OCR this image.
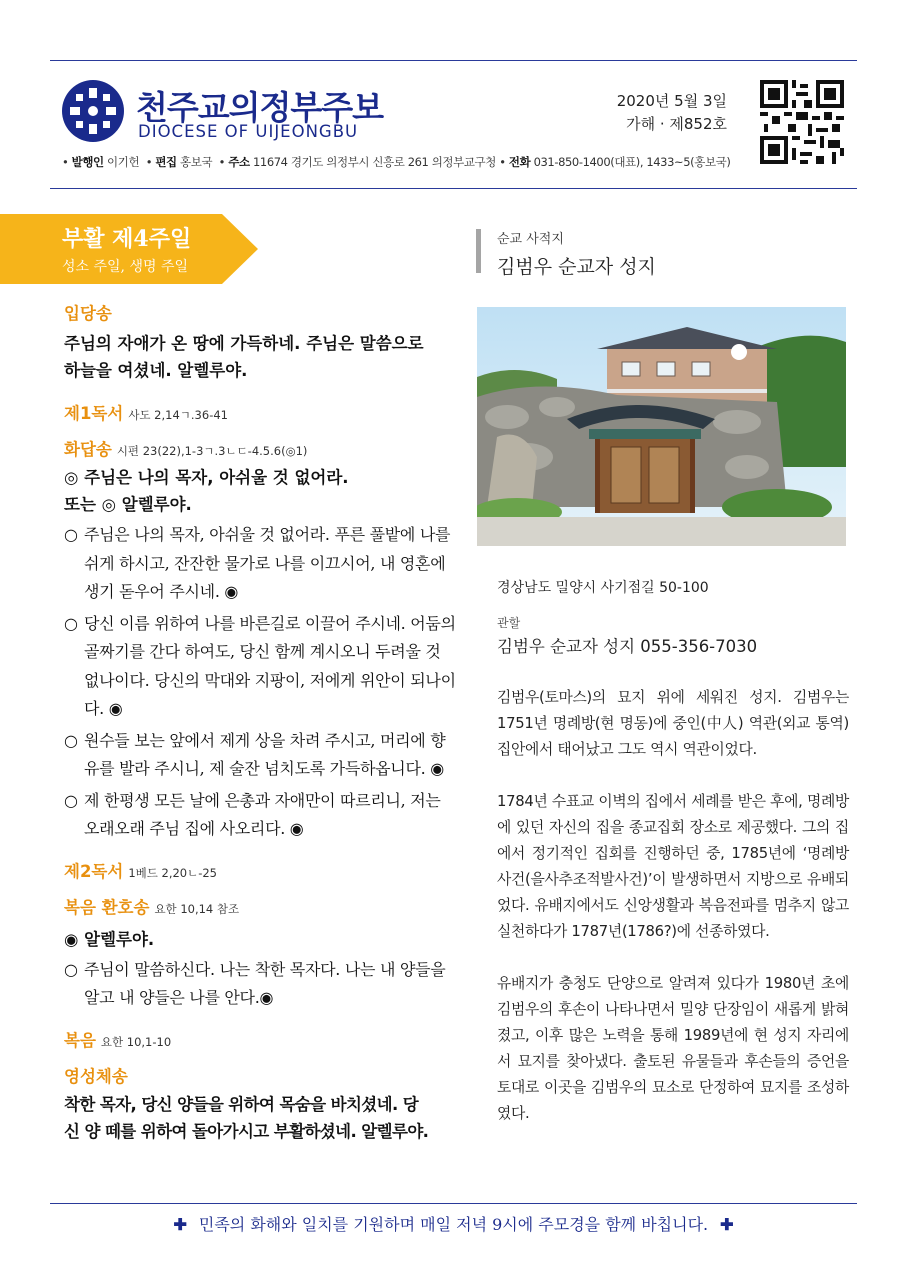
천주교의정부주보
DIOCESE OF UIJEONGBU
2020년 5월 3일
가해 · 제852호
• 발행인 이기헌  • 편집 홍보국  • 주소 11674 경기도 의정부시 신흥로 261 의정부교구청 • 전화 031-850-1400(대표), 1433~5(홍보국)
부활 제4주일
성소 주일, 생명 주일
입당송
주님의 자애가 온 땅에 가득하네. 주님은 말씀으로
하늘을 여셨네. 알렐루야.
제1독서 사도 2,14ㄱ.36-41
화답송 시편 23(22),1-3ㄱ.3ㄴㄷ-4.5.6(◎1)
◎ 주님은 나의 목자, 아쉬울 것 없어라.
또는 ◎ 알렐루야.
○ 주님은 나의 목자, 아쉬울 것 없어라. 푸른 풀밭에 나를 쉬게 하시고, 잔잔한 물가로 나를 이끄시어, 내 영혼에 생기 돋우어 주시네. ◉
○ 당신 이름 위하여 나를 바른길로 이끌어 주시네. 어둠의 골짜기를 간다 하여도, 당신 함께 계시오니 두려울 것 없나이다. 당신의 막대와 지팡이, 저에게 위안이 되나이다. ◉
○ 원수들 보는 앞에서 제게 상을 차려 주시고, 머리에 향유를 발라 주시니, 제 술잔 넘치도록 가득하옵니다. ◉
○ 제 한평생 모든 날에 은총과 자애만이 따르리니, 저는 오래오래 주님 집에 사오리다. ◉
제2독서 1베드 2,20ㄴ-25
복음 환호송 요한 10,14 참조
◉ 알렐루야.
○ 주님이 말씀하신다. 나는 착한 목자다. 나는 내 양들을 알고 내 양들은 나를 안다.◉
복음 요한 10,1-10
영성체송
착한 목자, 당신 양들을 위하여 목숨을 바치셨네. 당
신 양 떼를 위하여 돌아가시고 부활하셨네. 알렐루야.
순교 사적지
김범우 순교자 성지
경상남도 밀양시 사기점길 50-100
관할
김범우 순교자 성지 055-356-7030
김범우(토마스)의 묘지 위에 세워진 성지. 김범우는 1751년 명례방(현 명동)에 중인(中人) 역관(외교 통역) 집안에서 태어났고 그도 역시 역관이었다.
1784년 수표교 이벽의 집에서 세례를 받은 후에, 명례방에 있던 자신의 집을 종교집회 장소로 제공했다. 그의 집에서 정기적인 집회를 진행하던 중, 1785년에 ‘명례방 사건(을사추조적발사건)’이 발생하면서 지방으로 유배되었다. 유배지에서도 신앙생활과 복음전파를 멈추지 않고 실천하다가 1787년(1786?)에 선종하였다.
유배지가 충청도 단양으로 알려져 있다가 1980년 초에 김범우의 후손이 나타나면서 밀양 단장임이 새롭게 밝혀졌고, 이후 많은 노력을 통해 1989년에 현 성지 자리에서 묘지를 찾아냈다. 출토된 유물들과 후손들의 증언을 토대로 이곳을 김범우의 묘소로 단정하여 묘지를 조성하였다.
✚ 민족의 화해와 일치를 기원하며 매일 저녁 9시에 주모경을 함께 바칩니다. ✚
